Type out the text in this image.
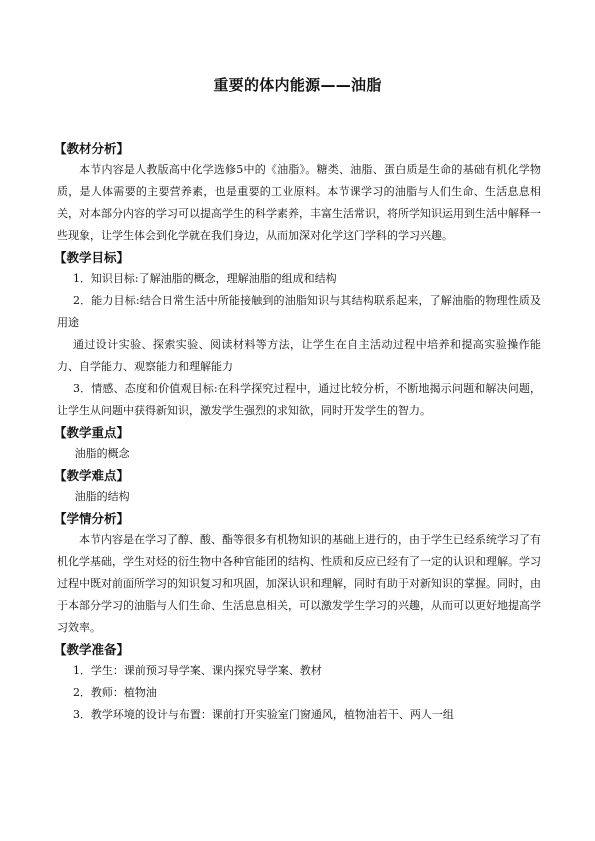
重要的体内能源——油脂
【教材分析】

本节内容是人教版高中化学选修5中的《油脂》。糖类、油脂、蛋白质是生命的基础有机化学物质，是人体需要的主要营养素，也是重要的工业原料。本节课学习的油脂与人们生命、生活息息相关，对本部分内容的学习可以提高学生的科学素养，丰富生活常识，将所学知识运用到生活中解释一些现象，让学生体会到化学就在我们身边，从而加深对化学这门学科的学习兴趣。

【教学目标】

1．知识目标:了解油脂的概念，理解油脂的组成和结构

2．能力目标:结合日常生活中所能接触到的油脂知识与其结构联系起来，了解油脂的物理性质及用途

通过设计实验、探索实验、阅读材料等方法，让学生在自主活动过程中培养和提高实验操作能力、自学能力、观察能力和理解能力

3．情感、态度和价值观目标:在科学探究过程中，通过比较分析，不断地揭示问题和解决问题，让学生从问题中获得新知识，激发学生强烈的求知欲，同时开发学生的智力。

【教学重点】

油脂的概念

【教学难点】

油脂的结构

【学情分析】

本节内容是在学习了醇、酸、酯等很多有机物知识的基础上进行的，由于学生已经系统学习了有机化学基础，学生对烃的衍生物中各种官能团的结构、性质和反应已经有了一定的认识和理解。学习过程中既对前面所学习的知识复习和巩固，加深认识和理解，同时有助于对新知识的掌握。同时，由于本部分学习的油脂与人们生命、生活息息相关，可以激发学生学习的兴趣，从而可以更好地提高学习效率。

【教学准备】

1．学生：课前预习导学案、课内探究导学案、教材

2．教师：植物油

3．教学环境的设计与布置：课前打开实验室门窗通风，植物油若干、两人一组
